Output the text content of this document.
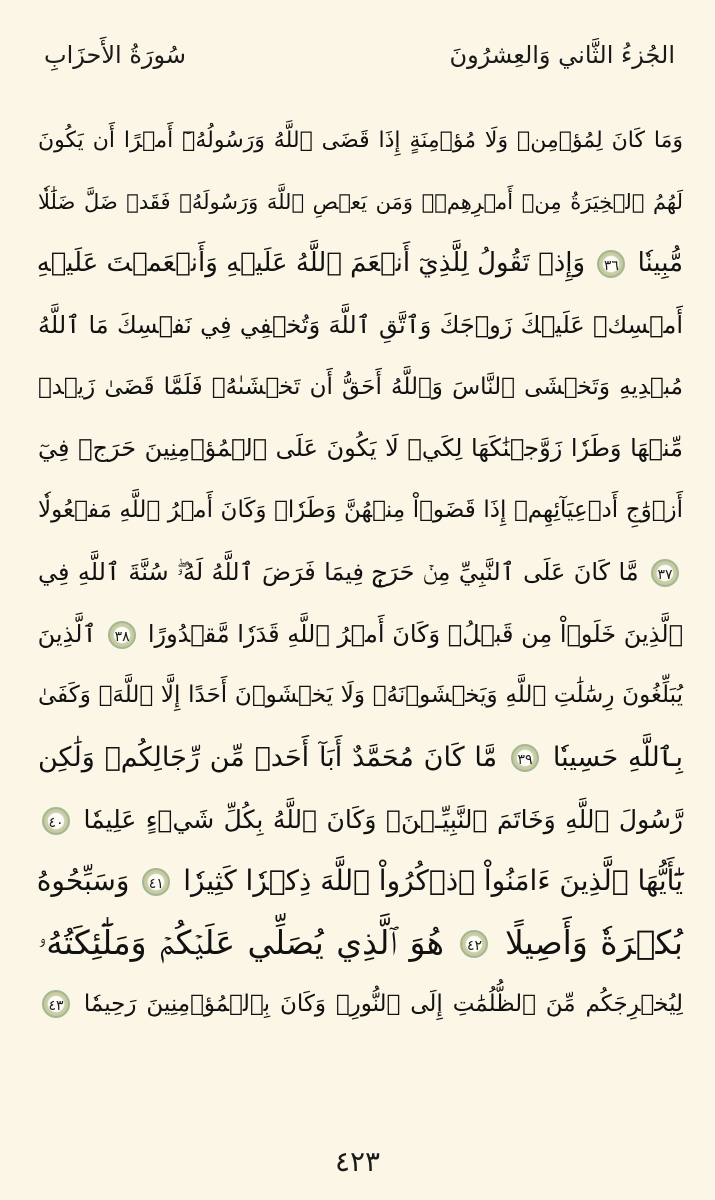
الجُزءُ الثَّاني وَالعِشرُونَ
سُورَةُ الأَحزَابِ
وَمَا كَانَ لِمُؤۡمِنٖ وَلَا مُؤۡمِنَةٍ إِذَا قَضَى ٱللَّهُ وَرَسُولُهُۥٓ أَمۡرًا أَن يَكُونَ
لَهُمُ ٱلۡخِيَرَةُ مِنۡ أَمۡرِهِمۡۗ وَمَن يَعۡصِ ٱللَّهَ وَرَسُولَهُۥ فَقَدۡ ضَلَّ ضَلَٰلٗا
مُّبِينٗا ٣٦ وَإِذۡ تَقُولُ لِلَّذِيٓ أَنۡعَمَ ٱللَّهُ عَلَيۡهِ وَأَنۡعَمۡتَ عَلَيۡهِ
أَمۡسِكۡ عَلَيۡكَ زَوۡجَكَ وَٱتَّقِ ٱللَّهَ وَتُخۡفِي فِي نَفۡسِكَ مَا ٱللَّهُ
مُبۡدِيهِ وَتَخۡشَى ٱلنَّاسَ وَٱللَّهُ أَحَقُّ أَن تَخۡشَىٰهُۖ فَلَمَّا قَضَىٰ زَيۡدٞ
مِّنۡهَا وَطَرٗا زَوَّجۡنَٰكَهَا لِكَيۡ لَا يَكُونَ عَلَى ٱلۡمُؤۡمِنِينَ حَرَجٞ فِيٓ
أَزۡوَٰجِ أَدۡعِيَآئِهِمۡ إِذَا قَضَوۡاْ مِنۡهُنَّ وَطَرٗاۚ وَكَانَ أَمۡرُ ٱللَّهِ مَفۡعُولٗا
٣٧ مَّا كَانَ عَلَى ٱلنَّبِيِّ مِنۡ حَرَجٖ فِيمَا فَرَضَ ٱللَّهُ لَهُۥۖ سُنَّةَ ٱللَّهِ فِي
ٱلَّذِينَ خَلَوۡاْ مِن قَبۡلُۚ وَكَانَ أَمۡرُ ٱللَّهِ قَدَرٗا مَّقۡدُورًا ٣٨ ٱلَّذِينَ
يُبَلِّغُونَ رِسَٰلَٰتِ ٱللَّهِ وَيَخۡشَوۡنَهُۥ وَلَا يَخۡشَوۡنَ أَحَدًا إِلَّا ٱللَّهَۗ وَكَفَىٰ
بِٱللَّهِ حَسِيبٗا ٣٩ مَّا كَانَ مُحَمَّدٌ أَبَآ أَحَدٖ مِّن رِّجَالِكُمۡ وَلَٰكِن
رَّسُولَ ٱللَّهِ وَخَاتَمَ ٱلنَّبِيِّـۧنَۗ وَكَانَ ٱللَّهُ بِكُلِّ شَيۡءٍ عَلِيمٗا ٤٠
يَٰٓأَيُّهَا ٱلَّذِينَ ءَامَنُواْ ٱذۡكُرُواْ ٱللَّهَ ذِكۡرٗا كَثِيرٗا ٤١ وَسَبِّحُوهُ
بُكۡرَةٗ وَأَصِيلًا ٤٢ هُوَ ٱلَّذِي يُصَلِّي عَلَيۡكُمۡ وَمَلَٰٓئِكَتُهُۥ
لِيُخۡرِجَكُم مِّنَ ٱلظُّلُمَٰتِ إِلَى ٱلنُّورِۚ وَكَانَ بِٱلۡمُؤۡمِنِينَ رَحِيمٗا ٤٣
٤٢٣
